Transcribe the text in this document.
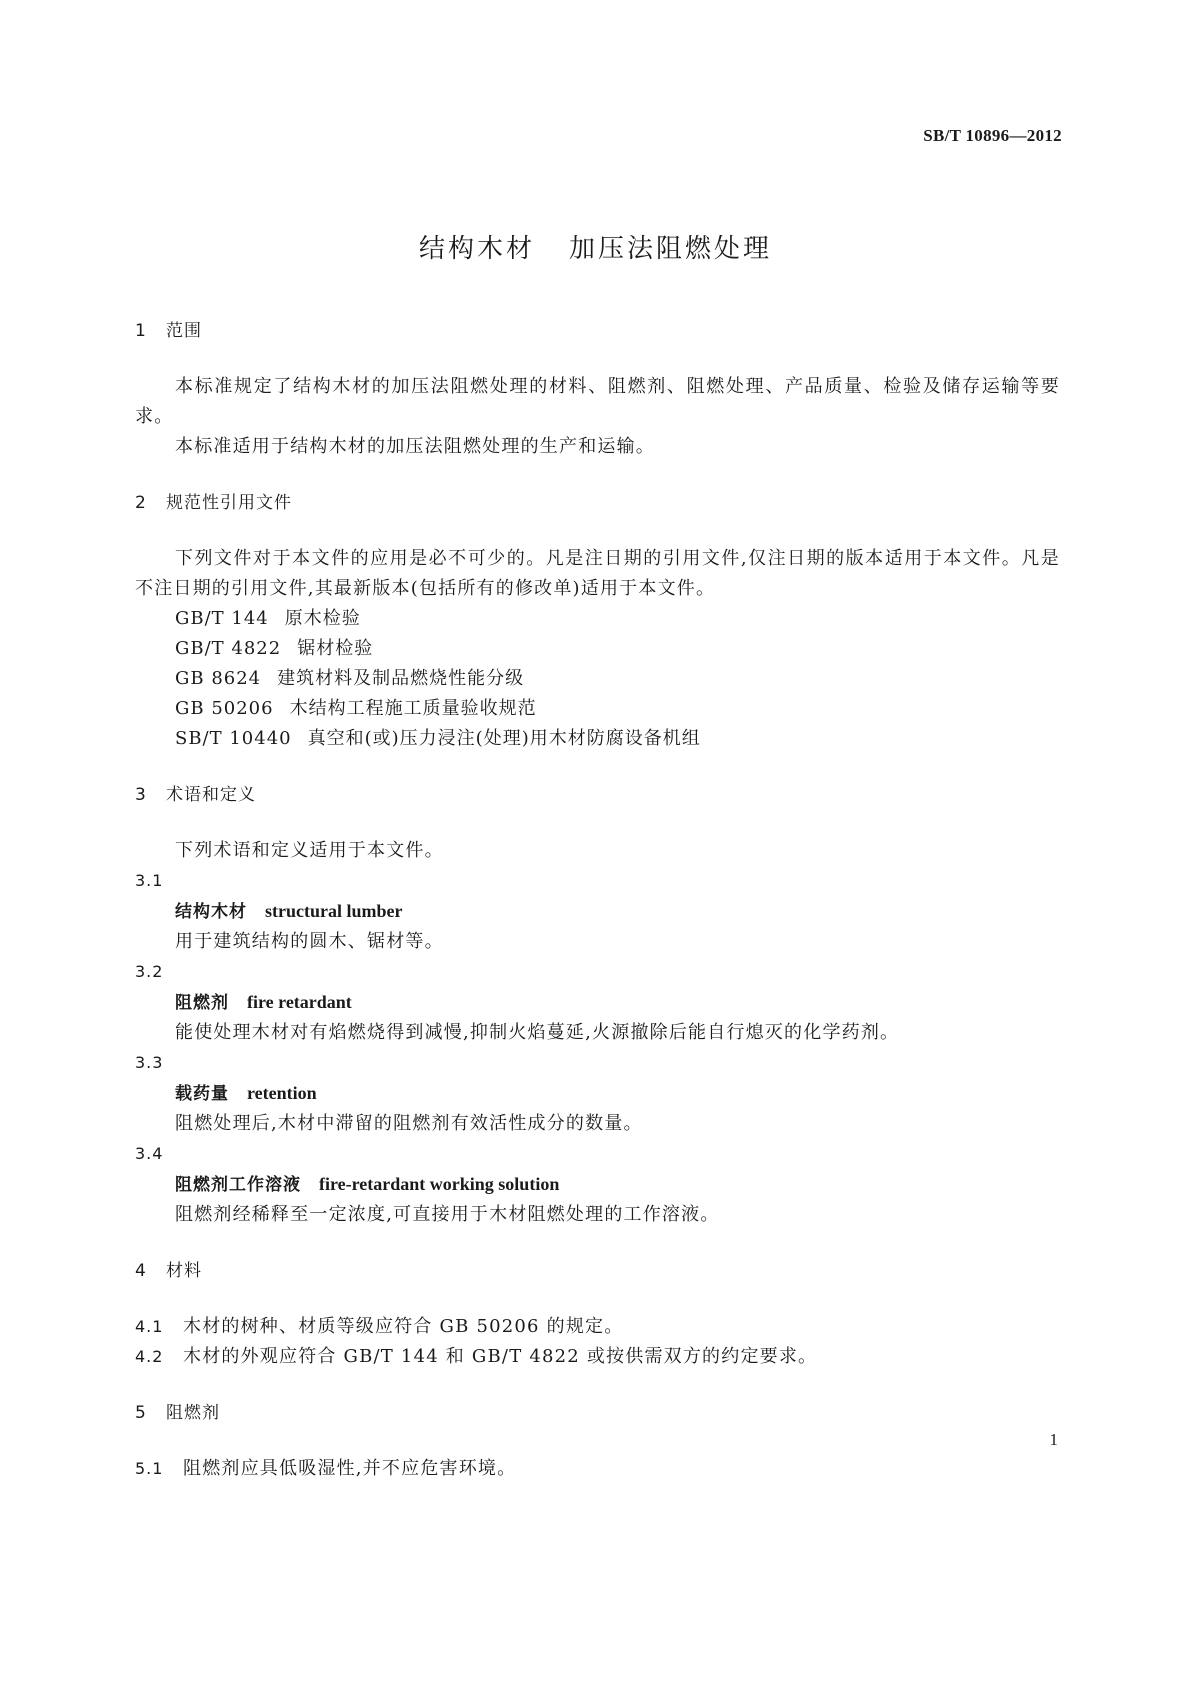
SB/T 10896—2012
结构木材 加压法阻燃处理
1 范围

本标准规定了结构木材的加压法阻燃处理的材料、阻燃剂、阻燃处理、产品质量、检验及储存运输等要求。

本标准适用于结构木材的加压法阻燃处理的生产和运输。

2 规范性引用文件

下列文件对于本文件的应用是必不可少的。凡是注日期的引用文件,仅注日期的版本适用于本文件。凡是不注日期的引用文件,其最新版本(包括所有的修改单)适用于本文件。

GB/T 144 原木检验

GB/T 4822 锯材检验

GB 8624 建筑材料及制品燃烧性能分级

GB 50206 木结构工程施工质量验收规范

SB/T 10440 真空和(或)压力浸注(处理)用木材防腐设备机组

3 术语和定义

下列术语和定义适用于本文件。

3.1

结构木材 structural lumber

用于建筑结构的圆木、锯材等。

3.2

阻燃剂 fire retardant

能使处理木材对有焰燃烧得到减慢,抑制火焰蔓延,火源撤除后能自行熄灭的化学药剂。

3.3

载药量 retention

阻燃处理后,木材中滞留的阻燃剂有效活性成分的数量。

3.4

阻燃剂工作溶液 fire-retardant working solution

阻燃剂经稀释至一定浓度,可直接用于木材阻燃处理的工作溶液。

4 材料

4.1 木材的树种、材质等级应符合 GB 50206 的规定。

4.2 木材的外观应符合 GB/T 144 和 GB/T 4822 或按供需双方的约定要求。

5 阻燃剂

5.1 阻燃剂应具低吸湿性,并不应危害环境。

1
